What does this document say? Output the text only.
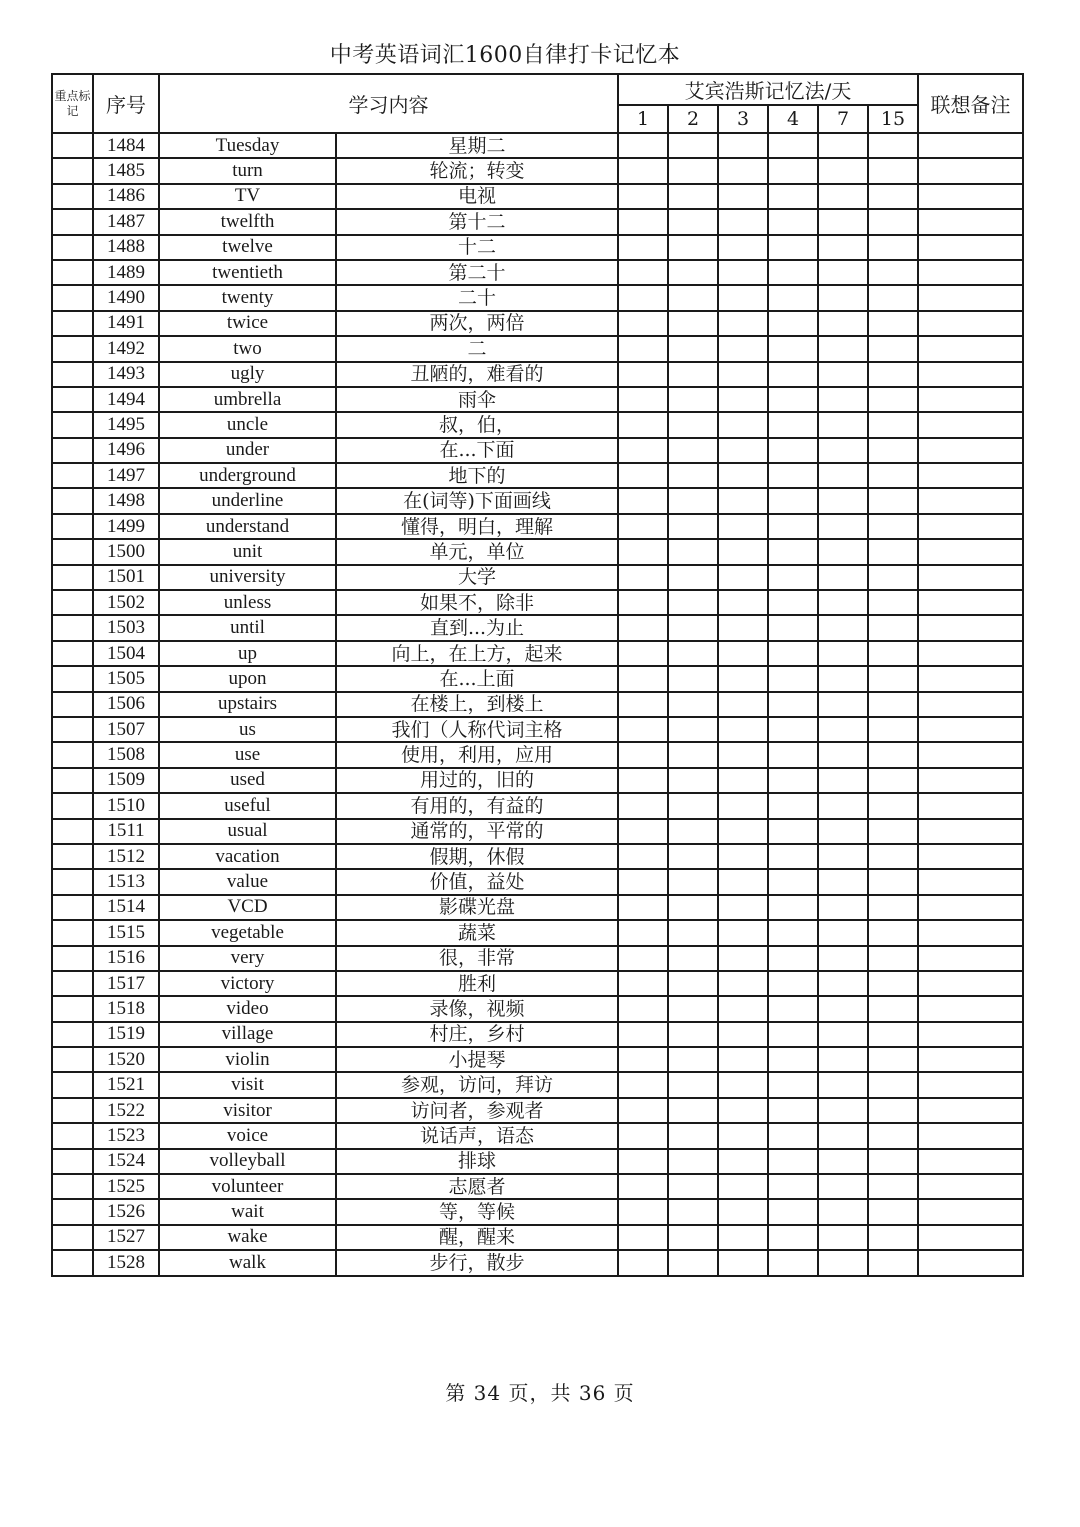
中考英语词汇1600自律打卡记忆本
重点标记	序号	学习内容		艾宾浩斯记忆法/天						联想备注
				1	2	3	4	7	15	
	1484	Tuesday	星期二							
	1485	turn	轮流；转变							
	1486	TV	电视							
	1487	twelfth	第十二							
	1488	twelve	十二							
	1489	twentieth	第二十							
	1490	twenty	二十							
	1491	twice	两次，两倍							
	1492	two	二							
	1493	ugly	丑陋的，难看的							
	1494	umbrella	雨伞							
	1495	uncle	叔，伯，							
	1496	under	在...下面							
	1497	underground	地下的							
	1498	underline	在(词等)下面画线							
	1499	understand	懂得，明白，理解							
	1500	unit	单元，单位							
	1501	university	大学							
	1502	unless	如果不，除非							
	1503	until	直到...为止							
	1504	up	向上，在上方，起来							
	1505	upon	在...上面							
	1506	upstairs	在楼上，到楼上							
	1507	us	我们（人称代词主格							
	1508	use	使用，利用，应用							
	1509	used	用过的，旧的							
	1510	useful	有用的，有益的							
	1511	usual	通常的，平常的							
	1512	vacation	假期，休假							
	1513	value	价值，益处							
	1514	VCD	影碟光盘							
	1515	vegetable	蔬菜							
	1516	very	很，非常							
	1517	victory	胜利							
	1518	video	录像，视频							
	1519	village	村庄，乡村							
	1520	violin	小提琴							
	1521	visit	参观，访问，拜访							
	1522	visitor	访问者，参观者							
	1523	voice	说话声，语态							
	1524	volleyball	排球							
	1525	volunteer	志愿者							
	1526	wait	等，等候							
	1527	wake	醒，醒来							
	1528	walk	步行，散步							
第 34 页，共 36 页
